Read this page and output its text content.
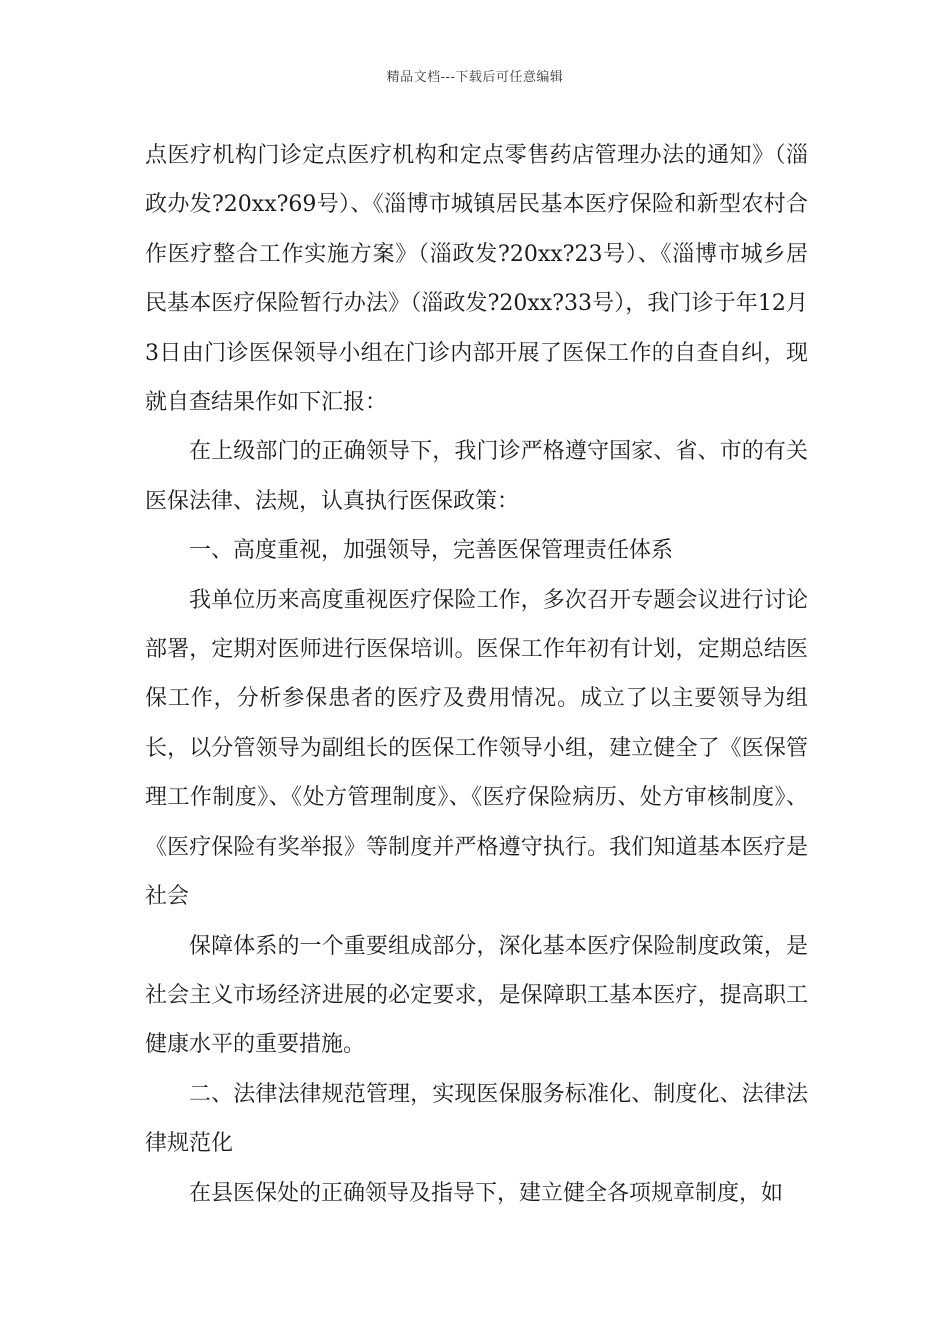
精品文档---下载后可任意编辑

点医疗机构门诊定点医疗机构和定点零售药店管理办法的通知》（淄政办发?20xx?69号）、《淄博市城镇居民基本医疗保险和新型农村合作医疗整合工作实施方案》（淄政发?20xx?23号）、《淄博市城乡居民基本医疗保险暂行办法》（淄政发?20xx?33号），我门诊于年12月3日由门诊医保领导小组在门诊内部开展了医保工作的自查自纠，现就自查结果作如下汇报：

在上级部门的正确领导下，我门诊严格遵守国家、省、市的有关医保法律、法规，认真执行医保政策：

一、高度重视，加强领导，完善医保管理责任体系

我单位历来高度重视医疗保险工作，多次召开专题会议进行讨论部署，定期对医师进行医保培训。医保工作年初有计划，定期总结医保工作，分析参保患者的医疗及费用情况。成立了以主要领导为组长，以分管领导为副组长的医保工作领导小组，建立健全了《医保管理工作制度》、《处方管理制度》、《医疗保险病历、处方审核制度》、《医疗保险有奖举报》等制度并严格遵守执行。我们知道基本医疗是社会

保障体系的一个重要组成部分，深化基本医疗保险制度政策，是社会主义市场经济进展的必定要求，是保障职工基本医疗，提高职工健康水平的重要措施。

二、法律法律规范管理，实现医保服务标准化、制度化、法律法律规范化

在县医保处的正确领导及指导下，建立健全各项规章制度，如
